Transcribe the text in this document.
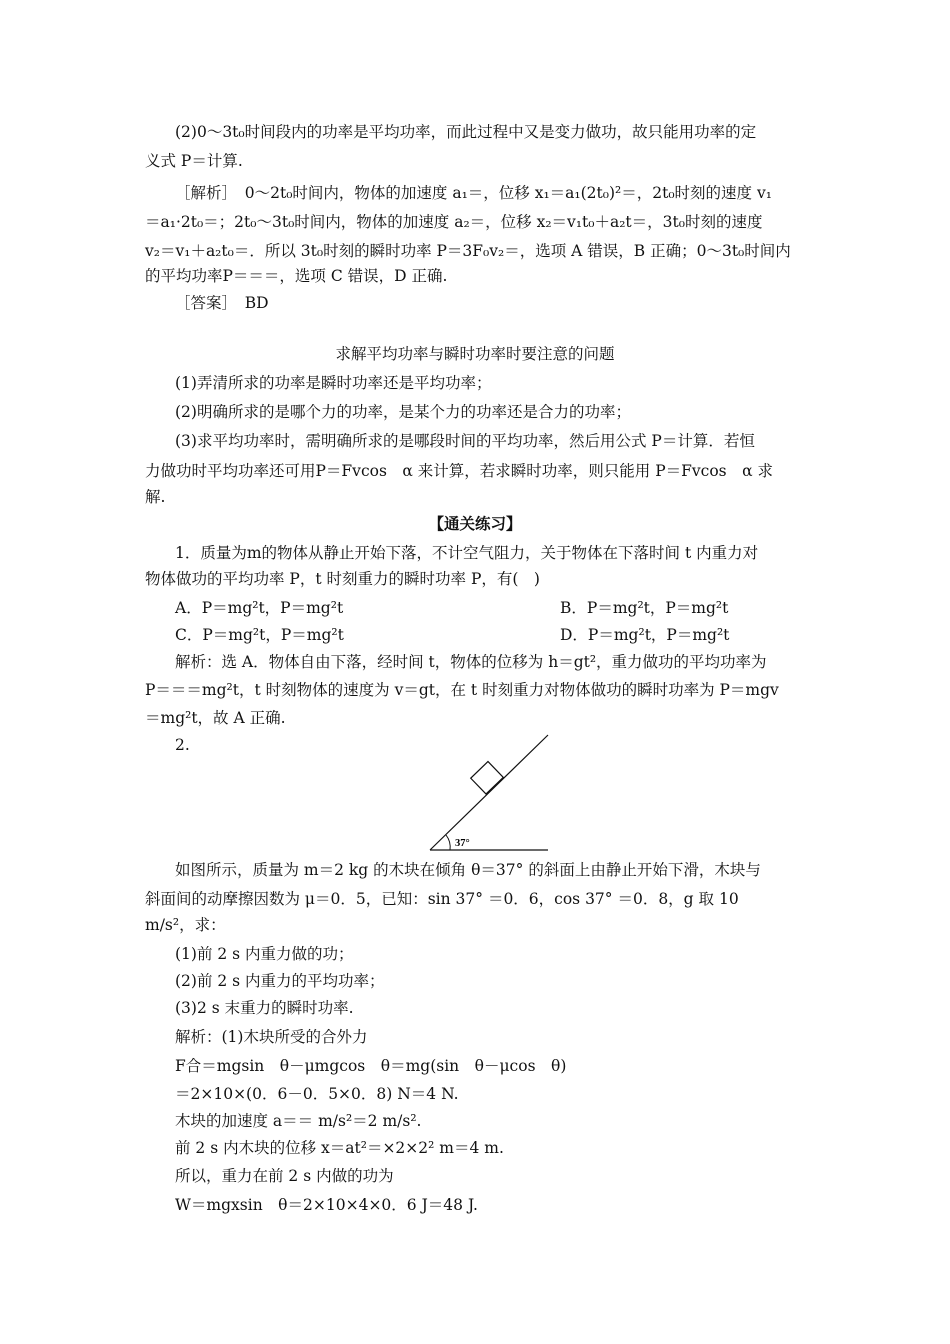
(2)0～3t₀时间段内的功率是平均功率，而此过程中又是变力做功，故只能用功率的定
义式 P＝计算.
［解析］　0～2t₀时间内，物体的加速度 a₁＝，位移 x₁＝a₁(2t₀)²＝，2t₀时刻的速度 v₁
＝a₁·2t₀＝；2t₀～3t₀时间内，物体的加速度 a₂＝，位移 x₂＝v₁t₀＋a₂t＝，3t₀时刻的速度
v₂＝v₁＋a₂t₀＝．所以 3t₀时刻的瞬时功率 P＝3F₀v₂＝，选项 A 错误，B 正确；0～3t₀时间内
的平均功率P＝＝＝，选项 C 错误，D 正确.
［答案］　BD
求解平均功率与瞬时功率时要注意的问题
(1)弄清所求的功率是瞬时功率还是平均功率；
(2)明确所求的是哪个力的功率，是某个力的功率还是合力的功率；
(3)求平均功率时，需明确所求的是哪段时间的平均功率，然后用公式 P＝计算．若恒
力做功时平均功率还可用P＝Fvcos　α 来计算，若求瞬时功率，则只能用 P＝Fvcos　α 求
解.
【通关练习】
1．质量为m的物体从静止开始下落，不计空气阻力，关于物体在下落时间 t 内重力对
物体做功的平均功率 P，t 时刻重力的瞬时功率 P，有(　)
A．P＝mg²t，P＝mg²t	B．P＝mg²t，P＝mg²t
C．P＝mg²t，P＝mg²t	D．P＝mg²t，P＝mg²t
解析：选 A．物体自由下落，经时间 t，物体的位移为 h＝gt²，重力做功的平均功率为
P＝＝＝mg²t，t 时刻物体的速度为 v＝gt，在 t 时刻重力对物体做功的瞬时功率为 P＝mgv
＝mg²t，故 A 正确.
2.
37°
如图所示，质量为 m＝2 kg 的木块在倾角 θ＝37° 的斜面上由静止开始下滑，木块与
斜面间的动摩擦因数为 μ＝0．5，已知：sin 37° ＝0．6，cos 37° ＝0．8，g 取 10
m/s²，求：
(1)前 2 s 内重力做的功；
(2)前 2 s 内重力的平均功率；
(3)2 s 末重力的瞬时功率.
解析：(1)木块所受的合外力
F合＝mgsin　θ－μmgcos　θ＝mg(sin　θ－μcos　θ)
＝2×10×(0．6－0．5×0．8) N＝4 N.
木块的加速度 a＝＝ m/s²＝2 m/s².
前 2 s 内木块的位移 x＝at²＝×2×2² m＝4 m.
所以，重力在前 2 s 内做的功为
W＝mgxsin　θ＝2×10×4×0．6 J＝48 J.
